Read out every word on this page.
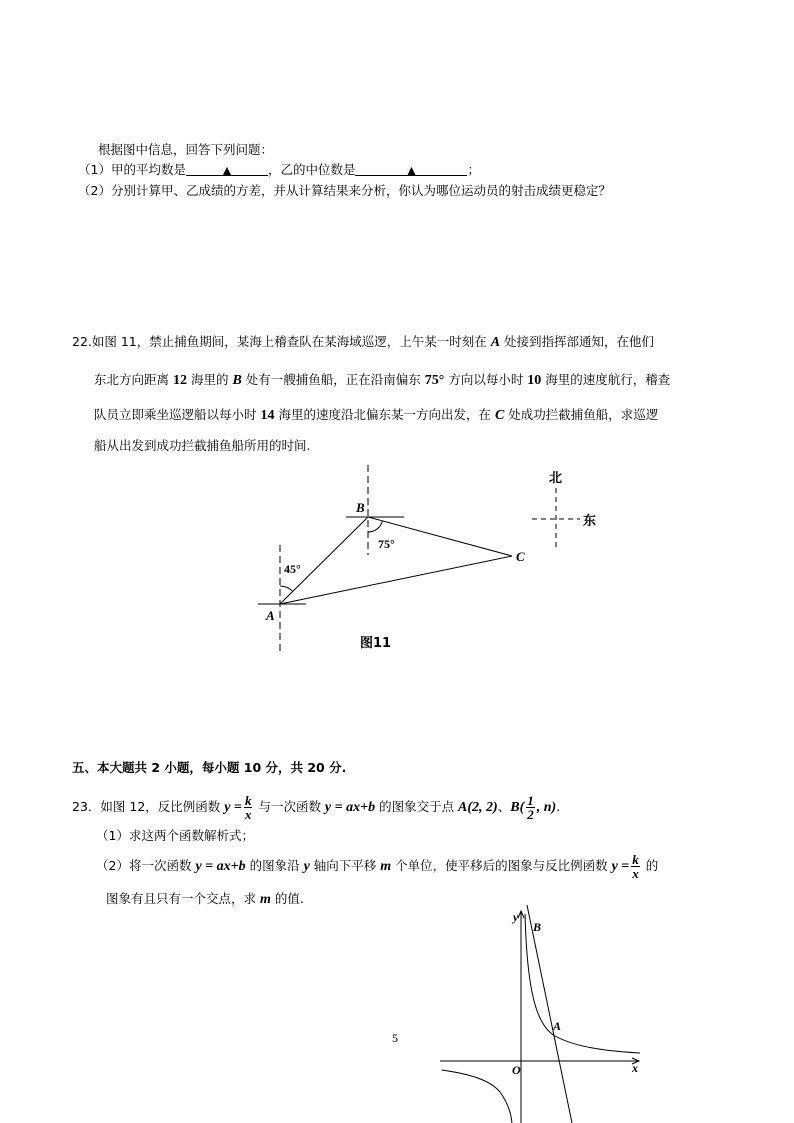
根据图中信息，回答下列问题：
（1）甲的平均数是	▲	，乙的中位数是	▲	；
（2）分别计算甲、乙成绩的方差，并从计算结果来分析，你认为哪位运动员的射击成绩更稳定？
22.如图 11，禁止捕鱼期间，某海上稽查队在某海域巡逻，上午某一时刻在 A 处接到指挥部通知，在他们
东北方向距离 12 海里的 B 处有一艘捕鱼船，正在沿南偏东 75° 方向以每小时 10 海里的速度航行，稽查
队员立即乘坐巡逻船以每小时 14 海里的速度沿北偏东某一方向出发，在 C 处成功拦截捕鱼船，求巡逻
船从出发到成功拦截捕鱼船所用的时间.
B
A
C
45°
75°
北
东
图11
五、本大题共 2 小题，每小题 10 分，共 20 分.
23．如图 12，反比例函数 $y = \frac{k}{x}$ 与一次函数 y = ax+b 的图象交于点 A(2, 2)、$B( \frac{1}{2}$ , n).
（1）求这两个函数解析式；
（2）将一次函数 y = ax+b 的图象沿 y 轴向下平移 m 个单位，使平移后的图象与反比例函数 $y = \frac{k}{x}$ 的
图象有且只有一个交点，求 m 的值.
5
y
x
O
A
B
